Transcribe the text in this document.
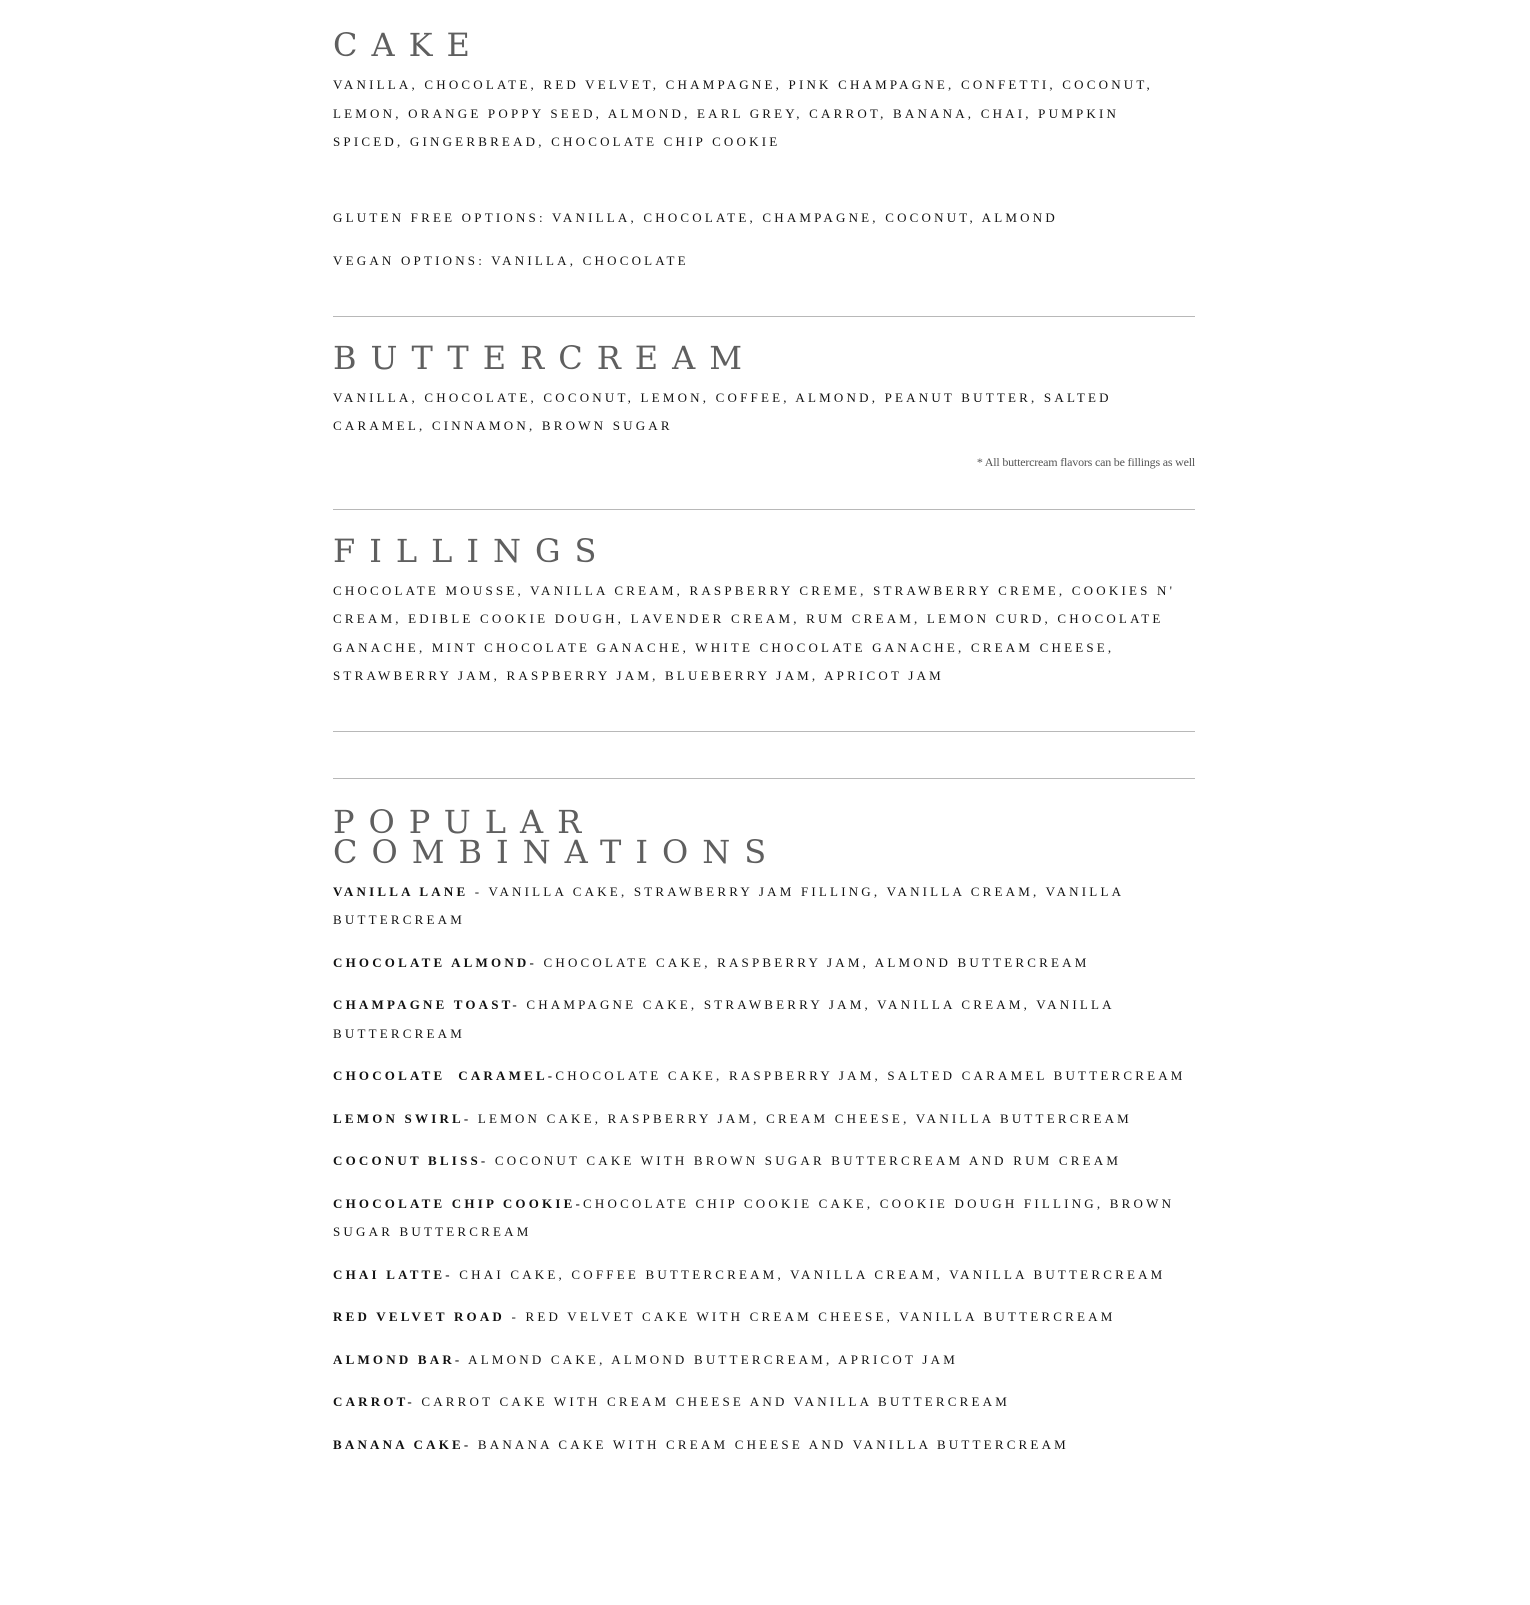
CAKE

VANILLA, CHOCOLATE, RED VELVET, CHAMPAGNE, PINK CHAMPAGNE, CONFETTI, COCONUT, LEMON, ORANGE POPPY SEED, ALMOND, EARL GREY, CARROT, BANANA, CHAI, PUMPKIN SPICED, GINGERBREAD, CHOCOLATE CHIP COOKIE

GLUTEN FREE OPTIONS: VANILLA, CHOCOLATE, CHAMPAGNE, COCONUT, ALMOND

VEGAN OPTIONS: VANILLA, CHOCOLATE

BUTTERCREAM

VANILLA, CHOCOLATE, COCONUT, LEMON, COFFEE, ALMOND, PEANUT BUTTER, SALTED CARAMEL, CINNAMON, BROWN SUGAR

* All buttercream flavors can be fillings as well

FILLINGS

CHOCOLATE MOUSSE, VANILLA CREAM, RASPBERRY CREME, STRAWBERRY CREME, COOKIES N' CREAM, EDIBLE COOKIE DOUGH, LAVENDER CREAM, RUM CREAM, LEMON CURD, CHOCOLATE GANACHE, MINT CHOCOLATE GANACHE, WHITE CHOCOLATE GANACHE, CREAM CHEESE, STRAWBERRY JAM, RASPBERRY JAM, BLUEBERRY JAM, APRICOT JAM

POPULAR
COMBINATIONS

VANILLA LANE - VANILLA CAKE, STRAWBERRY JAM FILLING, VANILLA CREAM, VANILLA BUTTERCREAM

CHOCOLATE ALMOND- CHOCOLATE CAKE, RASPBERRY JAM, ALMOND BUTTERCREAM

CHAMPAGNE TOAST- CHAMPAGNE CAKE, STRAWBERRY JAM, VANILLA CREAM, VANILLA BUTTERCREAM

CHOCOLATE  CARAMEL-CHOCOLATE CAKE, RASPBERRY JAM, SALTED CARAMEL BUTTERCREAM

LEMON SWIRL- LEMON CAKE, RASPBERRY JAM, CREAM CHEESE, VANILLA BUTTERCREAM

COCONUT BLISS- COCONUT CAKE WITH BROWN SUGAR BUTTERCREAM AND RUM CREAM

CHOCOLATE CHIP COOKIE-CHOCOLATE CHIP COOKIE CAKE, COOKIE DOUGH FILLING, BROWN SUGAR BUTTERCREAM

CHAI LATTE- CHAI CAKE, COFFEE BUTTERCREAM, VANILLA CREAM, VANILLA BUTTERCREAM

RED VELVET ROAD - RED VELVET CAKE WITH CREAM CHEESE, VANILLA BUTTERCREAM

ALMOND BAR- ALMOND CAKE, ALMOND BUTTERCREAM, APRICOT JAM

CARROT- CARROT CAKE WITH CREAM CHEESE AND VANILLA BUTTERCREAM

BANANA CAKE- BANANA CAKE WITH CREAM CHEESE AND VANILLA BUTTERCREAM
